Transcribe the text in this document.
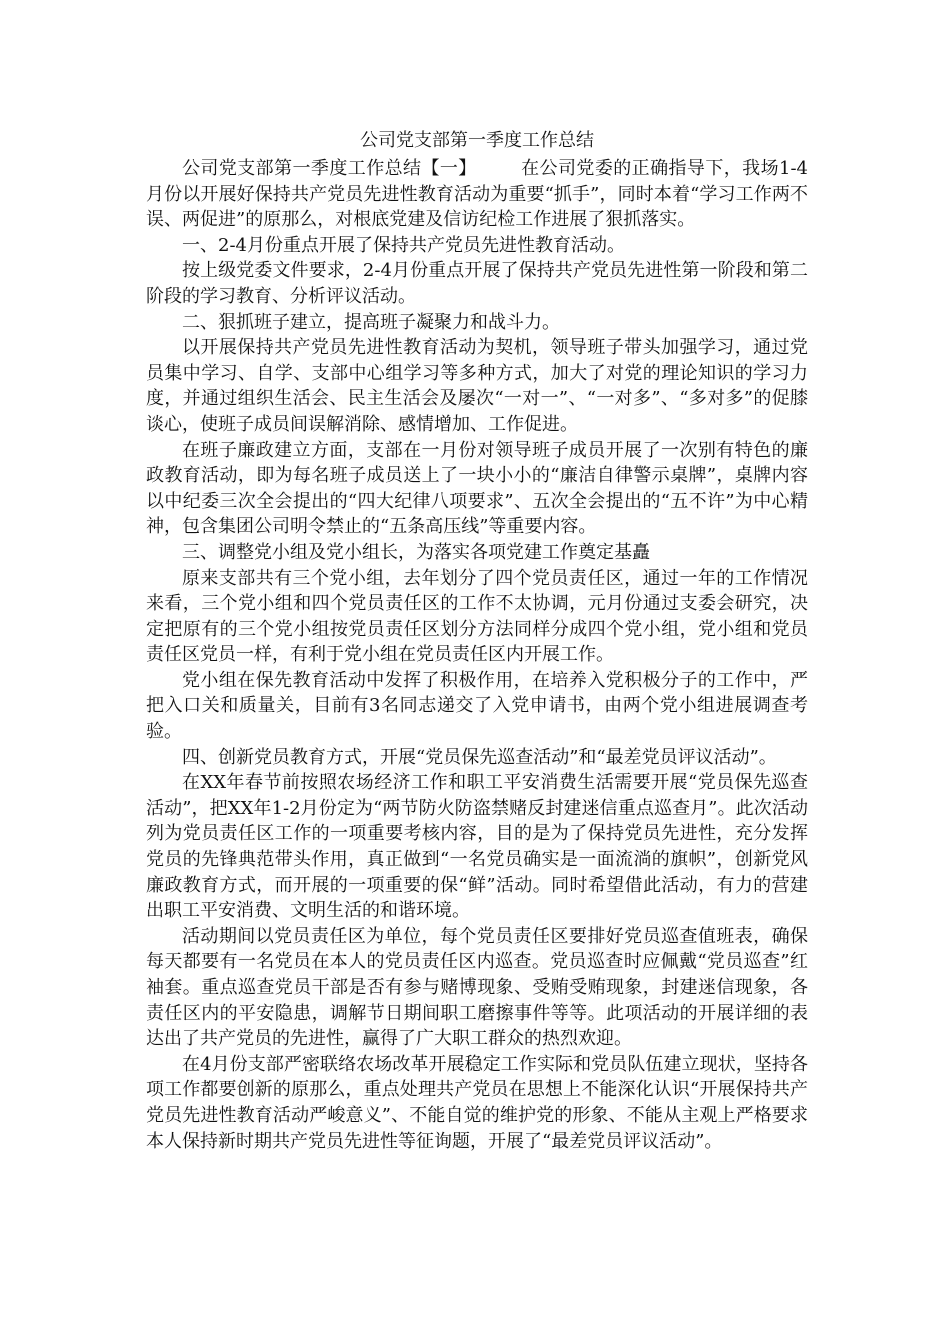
公司党支部第一季度工作总结

公司党支部第一季度工作总结【一】 在公司党委的正确指导下，我场1-4月份以开展好保持共产党员先进性教育活动为重要“抓手”，同时本着“学习工作两不误、两促进”的原那么，对根底党建及信访纪检工作进展了狠抓落实。

一、2-4月份重点开展了保持共产党员先进性教育活动。

按上级党委文件要求，2-4月份重点开展了保持共产党员先进性第一阶段和第二阶段的学习教育、分析评议活动。

二、狠抓班子建立，提高班子凝聚力和战斗力。

以开展保持共产党员先进性教育活动为契机，领导班子带头加强学习，通过党员集中学习、自学、支部中心组学习等多种方式，加大了对党的理论知识的学习力度，并通过组织生活会、民主生活会及屡次“一对一”、“一对多”、“多对多”的促膝谈心，使班子成员间误解消除、感情增加、工作促进。

在班子廉政建立方面，支部在一月份对领导班子成员开展了一次别有特色的廉政教育活动，即为每名班子成员送上了一块小小的“廉洁自律警示桌牌”，桌牌内容以中纪委三次全会提出的“四大纪律八项要求”、五次全会提出的“五不许”为中心精神，包含集团公司明令禁止的“五条高压线”等重要内容。

三、调整党小组及党小组长，为落实各项党建工作奠定基矗

原来支部共有三个党小组，去年划分了四个党员责任区，通过一年的工作情况来看，三个党小组和四个党员责任区的工作不太协调，元月份通过支委会研究，决定把原有的三个党小组按党员责任区划分方法同样分成四个党小组，党小组和党员责任区党员一样，有利于党小组在党员责任区内开展工作。

党小组在保先教育活动中发挥了积极作用，在培养入党积极分子的工作中，严把入口关和质量关，目前有3名同志递交了入党申请书，由两个党小组进展调查考验。

四、创新党员教育方式，开展“党员保先巡查活动”和“最差党员评议活动”。

在XX年春节前按照农场经济工作和职工平安消费生活需要开展“党员保先巡查活动”，把XX年1-2月份定为“两节防火防盗禁赌反封建迷信重点巡查月”。此次活动列为党员责任区工作的一项重要考核内容，目的是为了保持党员先进性，充分发挥党员的先锋典范带头作用，真正做到“一名党员确实是一面流淌的旗帜”，创新党风廉政教育方式，而开展的一项重要的保“鲜”活动。同时希望借此活动，有力的营建出职工平安消费、文明生活的和谐环境。

活动期间以党员责任区为单位，每个党员责任区要排好党员巡查值班表，确保每天都要有一名党员在本人的党员责任区内巡查。党员巡查时应佩戴“党员巡查”红袖套。重点巡查党员干部是否有参与赌博现象、受贿受贿现象，封建迷信现象，各责任区内的平安隐患，调解节日期间职工磨擦事件等等。此项活动的开展详细的表达出了共产党员的先进性，赢得了广大职工群众的热烈欢迎。

在4月份支部严密联络农场改革开展稳定工作实际和党员队伍建立现状，坚持各项工作都要创新的原那么，重点处理共产党员在思想上不能深化认识“开展保持共产党员先进性教育活动严峻意义”、不能自觉的维护党的形象、不能从主观上严格要求本人保持新时期共产党员先进性等征询题，开展了“最差党员评议活动”。
